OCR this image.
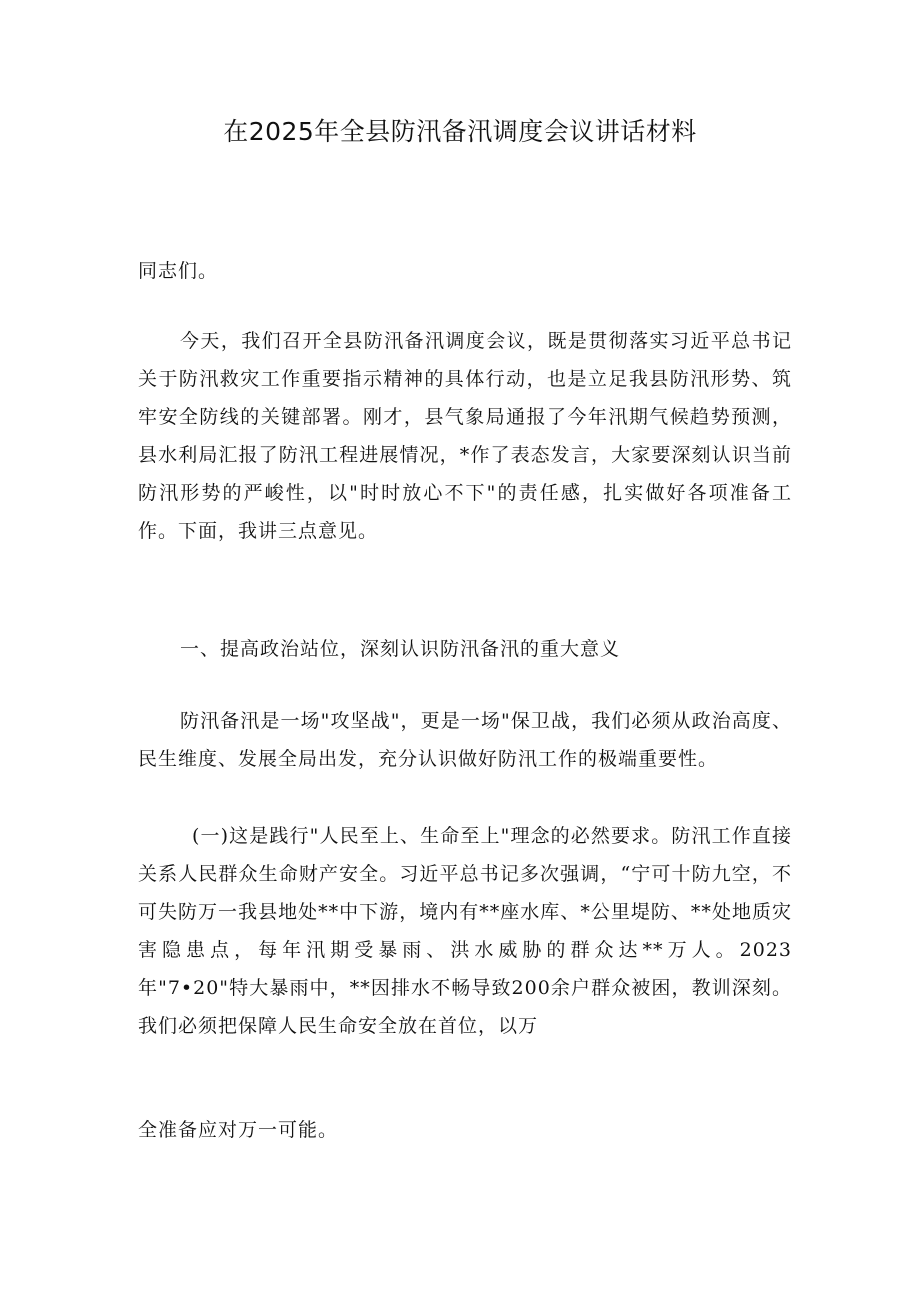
在2025年全县防汛备汛调度会议讲话材料
同志们。
今天，我们召开全县防汛备汛调度会议，既是贯彻落实习近平总书记关于防汛救灾工作重要指示精神的具体行动，也是立足我县防汛形势、筑牢安全防线的关键部署。刚才，县气象局通报了今年汛期气候趋势预测，县水利局汇报了防汛工程进展情况，*作了表态发言，大家要深刻认识当前防汛形势的严峻性，以"时时放心不下"的责任感，扎实做好各项准备工作。下面，我讲三点意见。
一、提高政治站位，深刻认识防汛备汛的重大意义
防汛备汛是一场"攻坚战"，更是一场"保卫战，我们必须从政治高度、民生维度、发展全局出发，充分认识做好防汛工作的极端重要性。
(一)这是践行"人民至上、生命至上"理念的必然要求。防汛工作直接关系人民群众生命财产安全。习近平总书记多次强调，“宁可十防九空，不可失防万一我县地处**中下游，境内有**座水库、*公里堤防、**处地质灾害隐患点，每年汛期受暴雨、洪水威胁的群众达**万人。2023年"7•20"特大暴雨中，**因排水不畅导致200余户群众被困，教训深刻。我们必须把保障人民生命安全放在首位，以万
全准备应对万一可能。
